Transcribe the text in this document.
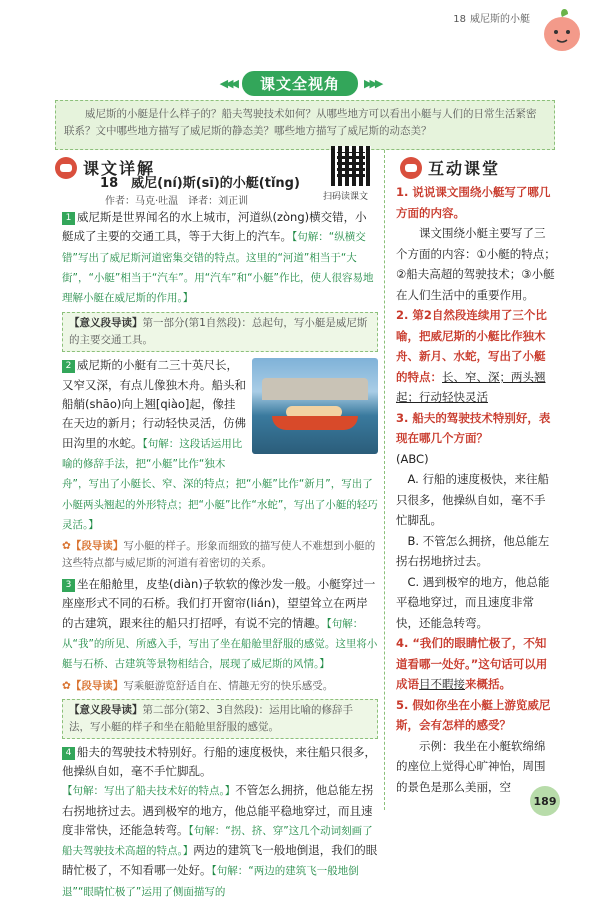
18 威尼斯的小艇
◀◀◀	课文全视角	▶▶▶
威尼斯的小艇是什么样子的？船夫驾驶技术如何？从哪些地方可以看出小艇与人们的日常生活紧密联系？文中哪些地方描写了威尼斯的静态美？哪些地方描写了威尼斯的动态美？
课文详解
扫码读课文
18　威尼(ní)斯(sī)的小艇(tǐng)
作者：马克·吐温　译者：刘正训

1 威尼斯是世界闻名的水上城市，河道纵(zòng)横交错，小艇成了主要的交通工具，等于大街上的汽车。【句解：“纵横交错”写出了威尼斯河道密集交错的特点。这里的“河道”相当于“大街”，“小艇”相当于“汽车”。用“汽车”和“小艇”作比，使人很容易地理解小艇在威尼斯的作用。】

【意义段导读】第一部分(第1自然段)：总起句，写小艇是威尼斯的主要交通工具。

2 威尼斯的小艇有二三十英尺长，又窄又深，有点儿像独木舟。船头和船艄(shāo)向上翘[qiào]起，像挂在天边的新月；行动轻快灵活，仿佛田沟里的水蛇。【句解：这段话运用比喻的修辞手法，把“小艇”比作“独木舟”，写出了小艇长、窄、深的特点；把“小艇”比作“新月”，写出了小艇两头翘起的外形特点；把“小艇”比作“水蛇”，写出了小艇的轻巧灵活。】

✿【段导读】写小艇的样子。形象而细致的描写使人不难想到小艇的这些特点都与威尼斯的河道有着密切的关系。

3 坐在船舱里，皮垫(diàn)子软软的像沙发一般。小艇穿过一座座形式不同的石桥。我们打开窗帘(lián)，望望耸立在两岸的古建筑，跟来往的船只打招呼，有说不完的情趣。【句解：从“我”的所见、所感入手，写出了坐在船舱里舒服的感觉。这里将小艇与石桥、古建筑等景物相结合，展现了威尼斯的风情。】

✿【段导读】写乘艇游览舒适自在、情趣无穷的快乐感受。
【意义段导读】第二部分(第2、3自然段)：运用比喻的修辞手法，写小艇的样子和坐在船舱里舒服的感觉。

4 船夫的驾驶技术特别好。行船的速度极快，来往船只很多，他操纵自如，毫不手忙脚乱。【句解：写出了船夫技术好的特点。】不管怎么拥挤，他总能左拐右拐地挤过去。遇到极窄的地方，他总能平稳地穿过，而且速度非常快，还能急转弯。【句解：“拐、挤、穿”这几个动词刻画了船夫驾驶技术高超的特点。】两边的建筑飞一般地倒退，我们的眼睛忙极了，不知看哪一处好。【句解：“两边的建筑飞一般地倒退”“眼睛忙极了”运用了侧面描写的

互动课堂

1. 说说课文围绕小艇写了哪几方面的内容。

课文围绕小艇主要写了三个方面的内容：①小艇的特点；②船夫高超的驾驶技术；③小艇在人们生活中的重要作用。

2. 第2自然段连续用了三个比喻，把威尼斯的小艇比作独木舟、新月、水蛇，写出了小艇的特点：长、窄、深；两头翘起；行动轻快灵活

3. 船夫的驾驶技术特别好，表现在哪几个方面？

(ABC)

A. 行船的速度极快，来往船只很多，他操纵自如，毫不手忙脚乱。

B. 不管怎么拥挤，他总能左拐右拐地挤过去。

C. 遇到极窄的地方，他总能平稳地穿过，而且速度非常快，还能急转弯。

4. “我们的眼睛忙极了，不知道看哪一处好。”这句话可以用成语目不暇接来概括。

5. 假如你坐在小艇上游览威尼斯，会有怎样的感受？

示例：我坐在小艇软绵绵的座位上觉得心旷神怡，周围的景色是那么美丽，空

189
